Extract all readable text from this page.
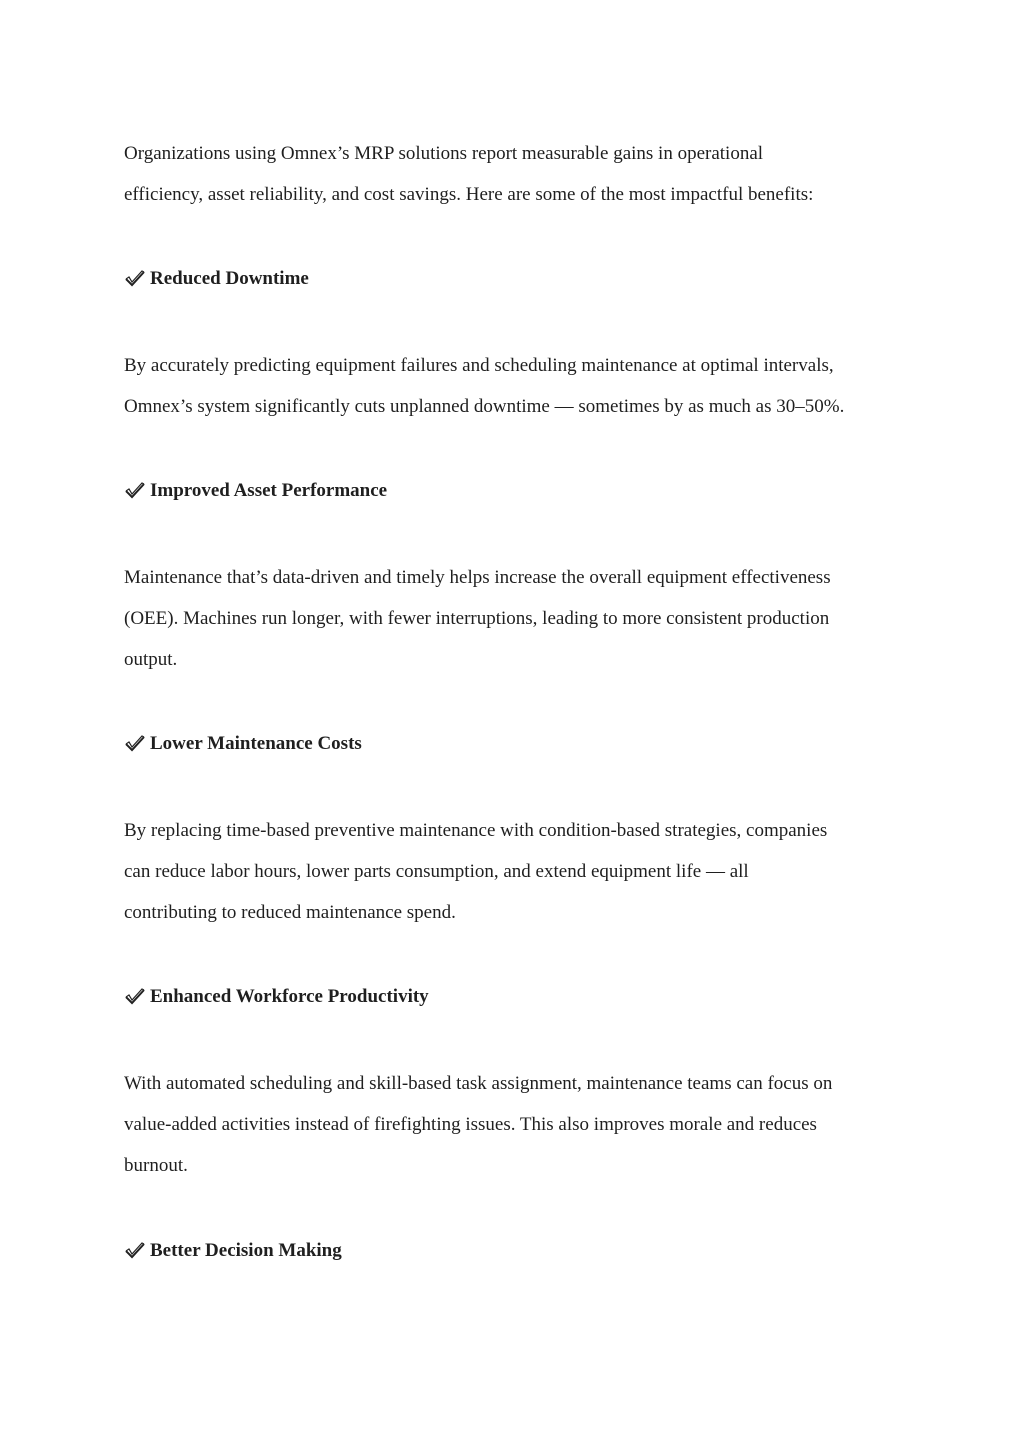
Organizations using Omnex’s MRP solutions report measurable gains in operational
efficiency, asset reliability, and cost savings. Here are some of the most impactful benefits:

Reduced Downtime

By accurately predicting equipment failures and scheduling maintenance at optimal intervals,
Omnex’s system significantly cuts unplanned downtime — sometimes by as much as 30–50%.

Improved Asset Performance

Maintenance that’s data-driven and timely helps increase the overall equipment effectiveness
(OEE). Machines run longer, with fewer interruptions, leading to more consistent production
output.

Lower Maintenance Costs

By replacing time-based preventive maintenance with condition-based strategies, companies
can reduce labor hours, lower parts consumption, and extend equipment life — all
contributing to reduced maintenance spend.

Enhanced Workforce Productivity

With automated scheduling and skill-based task assignment, maintenance teams can focus on
value-added activities instead of firefighting issues. This also improves morale and reduces
burnout.

Better Decision Making
